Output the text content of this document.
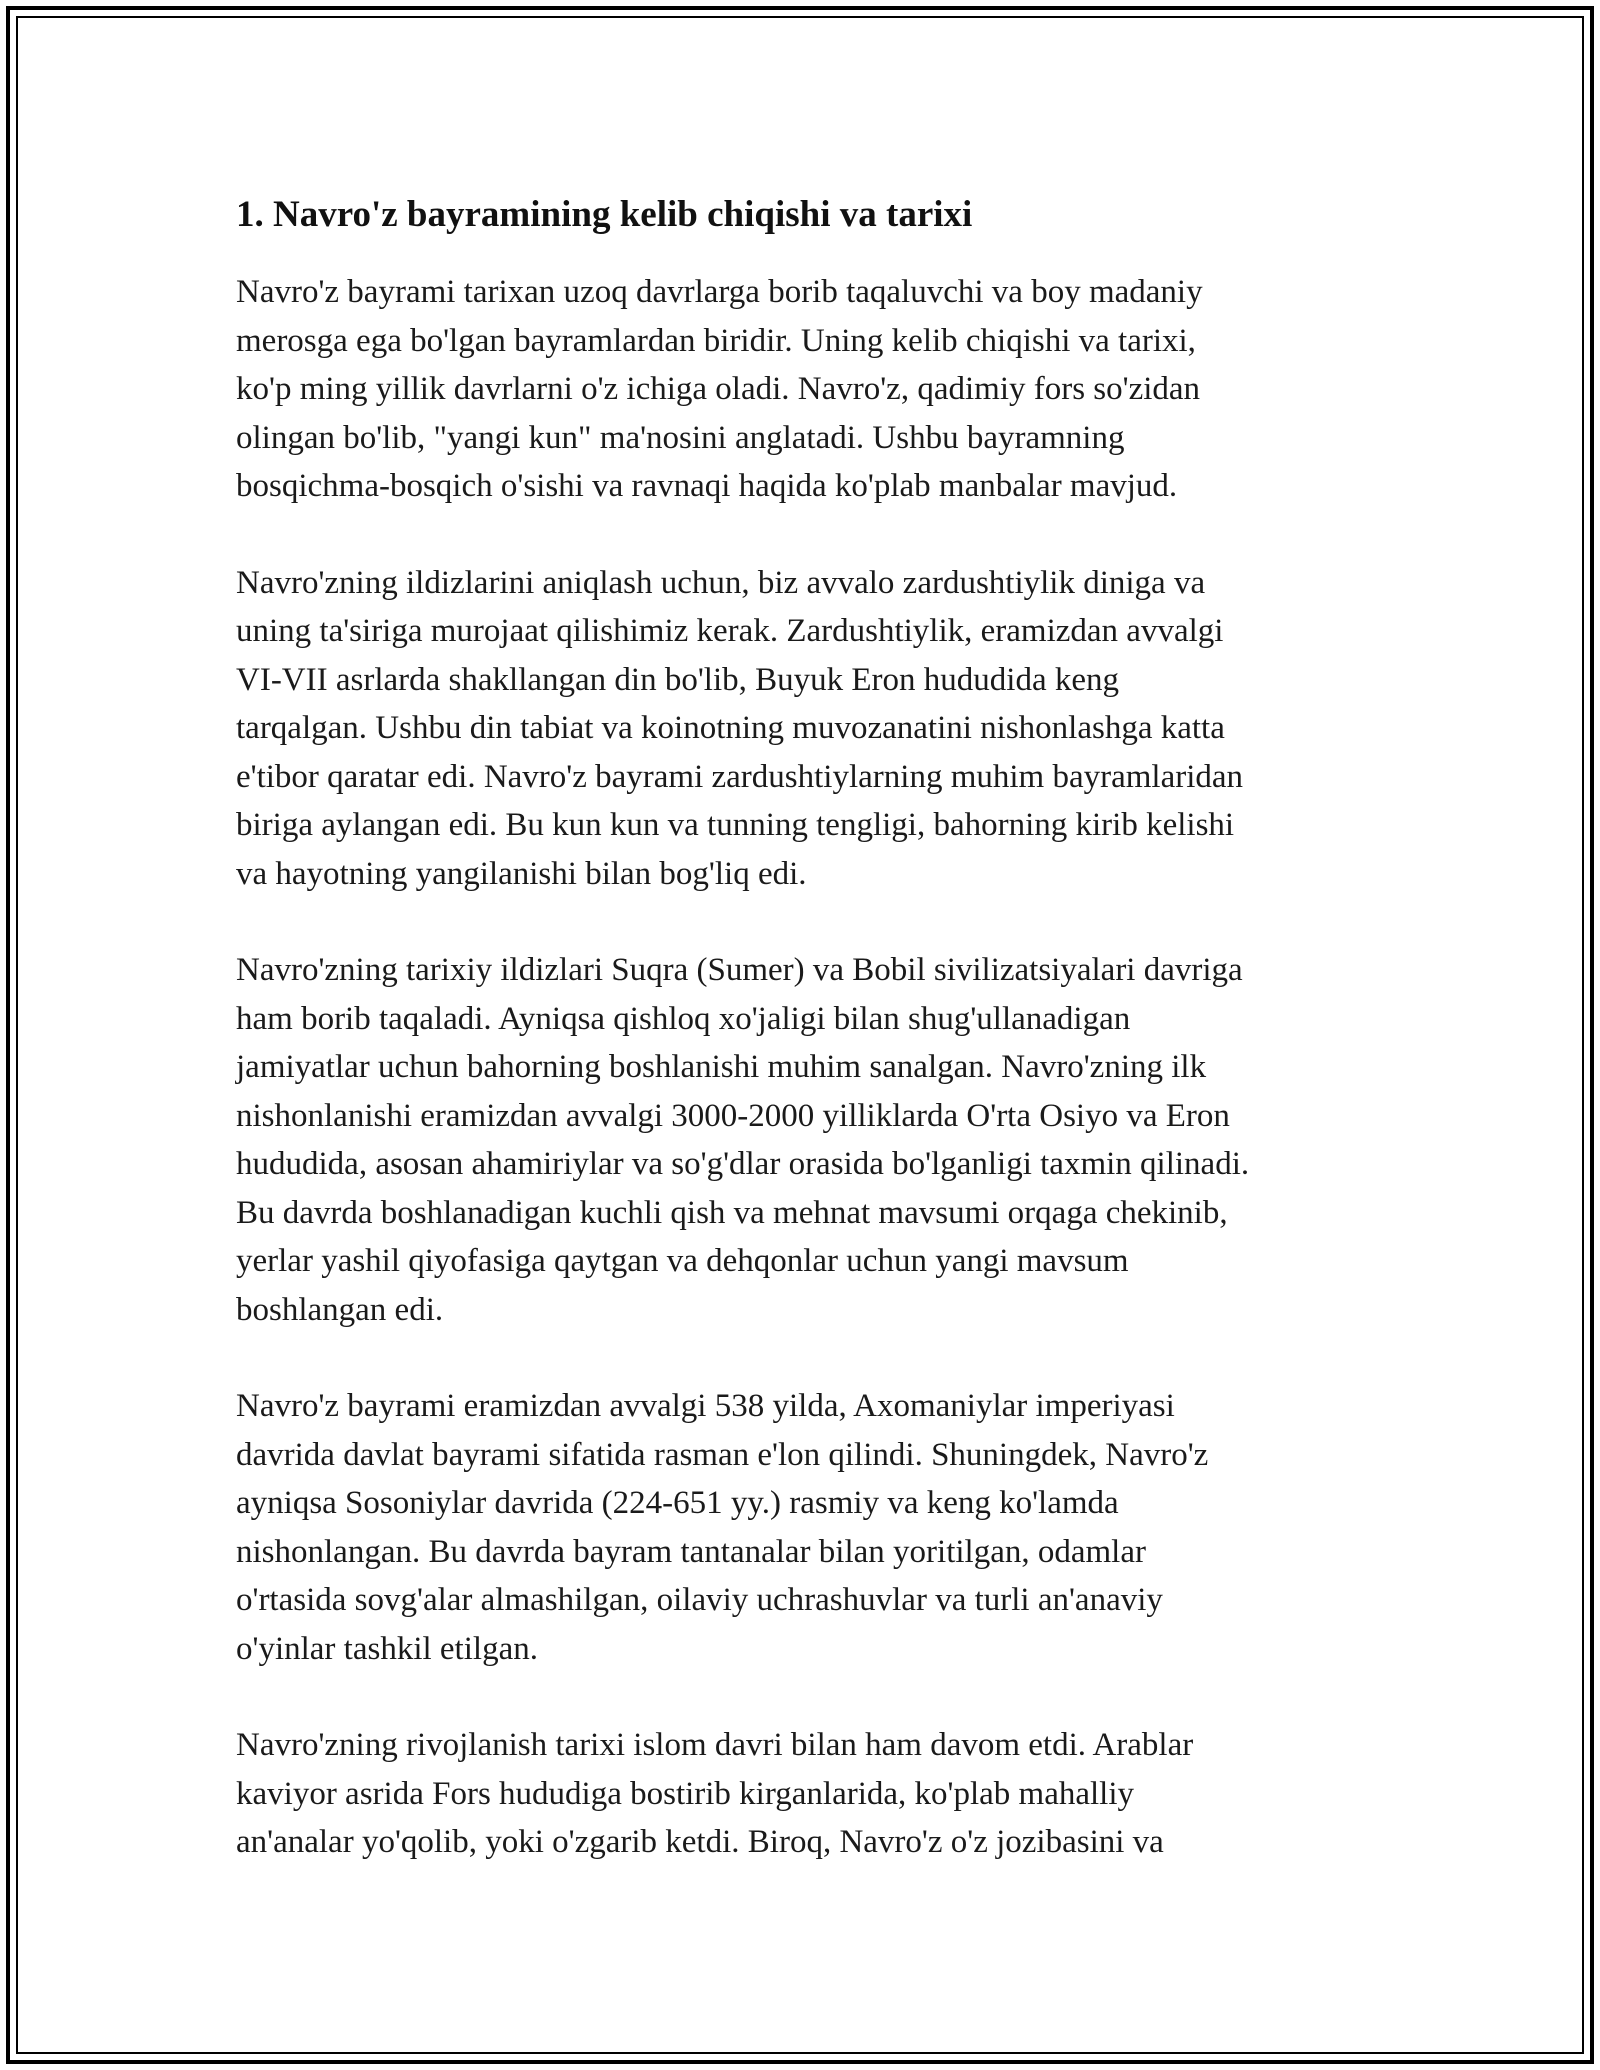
1. Navro'z bayramining kelib chiqishi va tarixi

Navro'z bayrami tarixan uzoq davrlarga borib taqaluvchi va boy madaniy
merosga ega bo'lgan bayramlardan biridir. Uning kelib chiqishi va tarixi,
ko'p ming yillik davrlarni o'z ichiga oladi. Navro'z, qadimiy fors so'zidan
olingan bo'lib, "yangi kun" ma'nosini anglatadi. Ushbu bayramning
bosqichma-bosqich o'sishi va ravnaqi haqida ko'plab manbalar mavjud.

Navro'zning ildizlarini aniqlash uchun, biz avvalo zardushtiylik diniga va
uning ta'siriga murojaat qilishimiz kerak. Zardushtiylik, eramizdan avvalgi
VI-VII asrlarda shakllangan din bo'lib, Buyuk Eron hududida keng
tarqalgan. Ushbu din tabiat va koinotning muvozanatini nishonlashga katta
e'tibor qaratar edi. Navro'z bayrami zardushtiylarning muhim bayramlaridan
biriga aylangan edi. Bu kun kun va tunning tengligi, bahorning kirib kelishi
va hayotning yangilanishi bilan bog'liq edi.

Navro'zning tarixiy ildizlari Suqra (Sumer) va Bobil sivilizatsiyalari davriga
ham borib taqaladi. Ayniqsa qishloq xo'jaligi bilan shug'ullanadigan
jamiyatlar uchun bahorning boshlanishi muhim sanalgan. Navro'zning ilk
nishonlanishi eramizdan avvalgi 3000-2000 yilliklarda O'rta Osiyo va Eron
hududida, asosan ahamiriylar va so'g'dlar orasida bo'lganligi taxmin qilinadi.
Bu davrda boshlanadigan kuchli qish va mehnat mavsumi orqaga chekinib,
yerlar yashil qiyofasiga qaytgan va dehqonlar uchun yangi mavsum
boshlangan edi.

Navro'z bayrami eramizdan avvalgi 538 yilda, Axomaniylar imperiyasi
davrida davlat bayrami sifatida rasman e'lon qilindi. Shuningdek, Navro'z
ayniqsa Sosoniylar davrida (224-651 yy.) rasmiy va keng ko'lamda
nishonlangan. Bu davrda bayram tantanalar bilan yoritilgan, odamlar
o'rtasida sovg'alar almashilgan, oilaviy uchrashuvlar va turli an'anaviy
o'yinlar tashkil etilgan.

Navro'zning rivojlanish tarixi islom davri bilan ham davom etdi. Arablar
kaviyor asrida Fors hududiga bostirib kirganlarida, ko'plab mahalliy
an'analar yo'qolib, yoki o'zgarib ketdi. Biroq, Navro'z o'z jozibasini va
